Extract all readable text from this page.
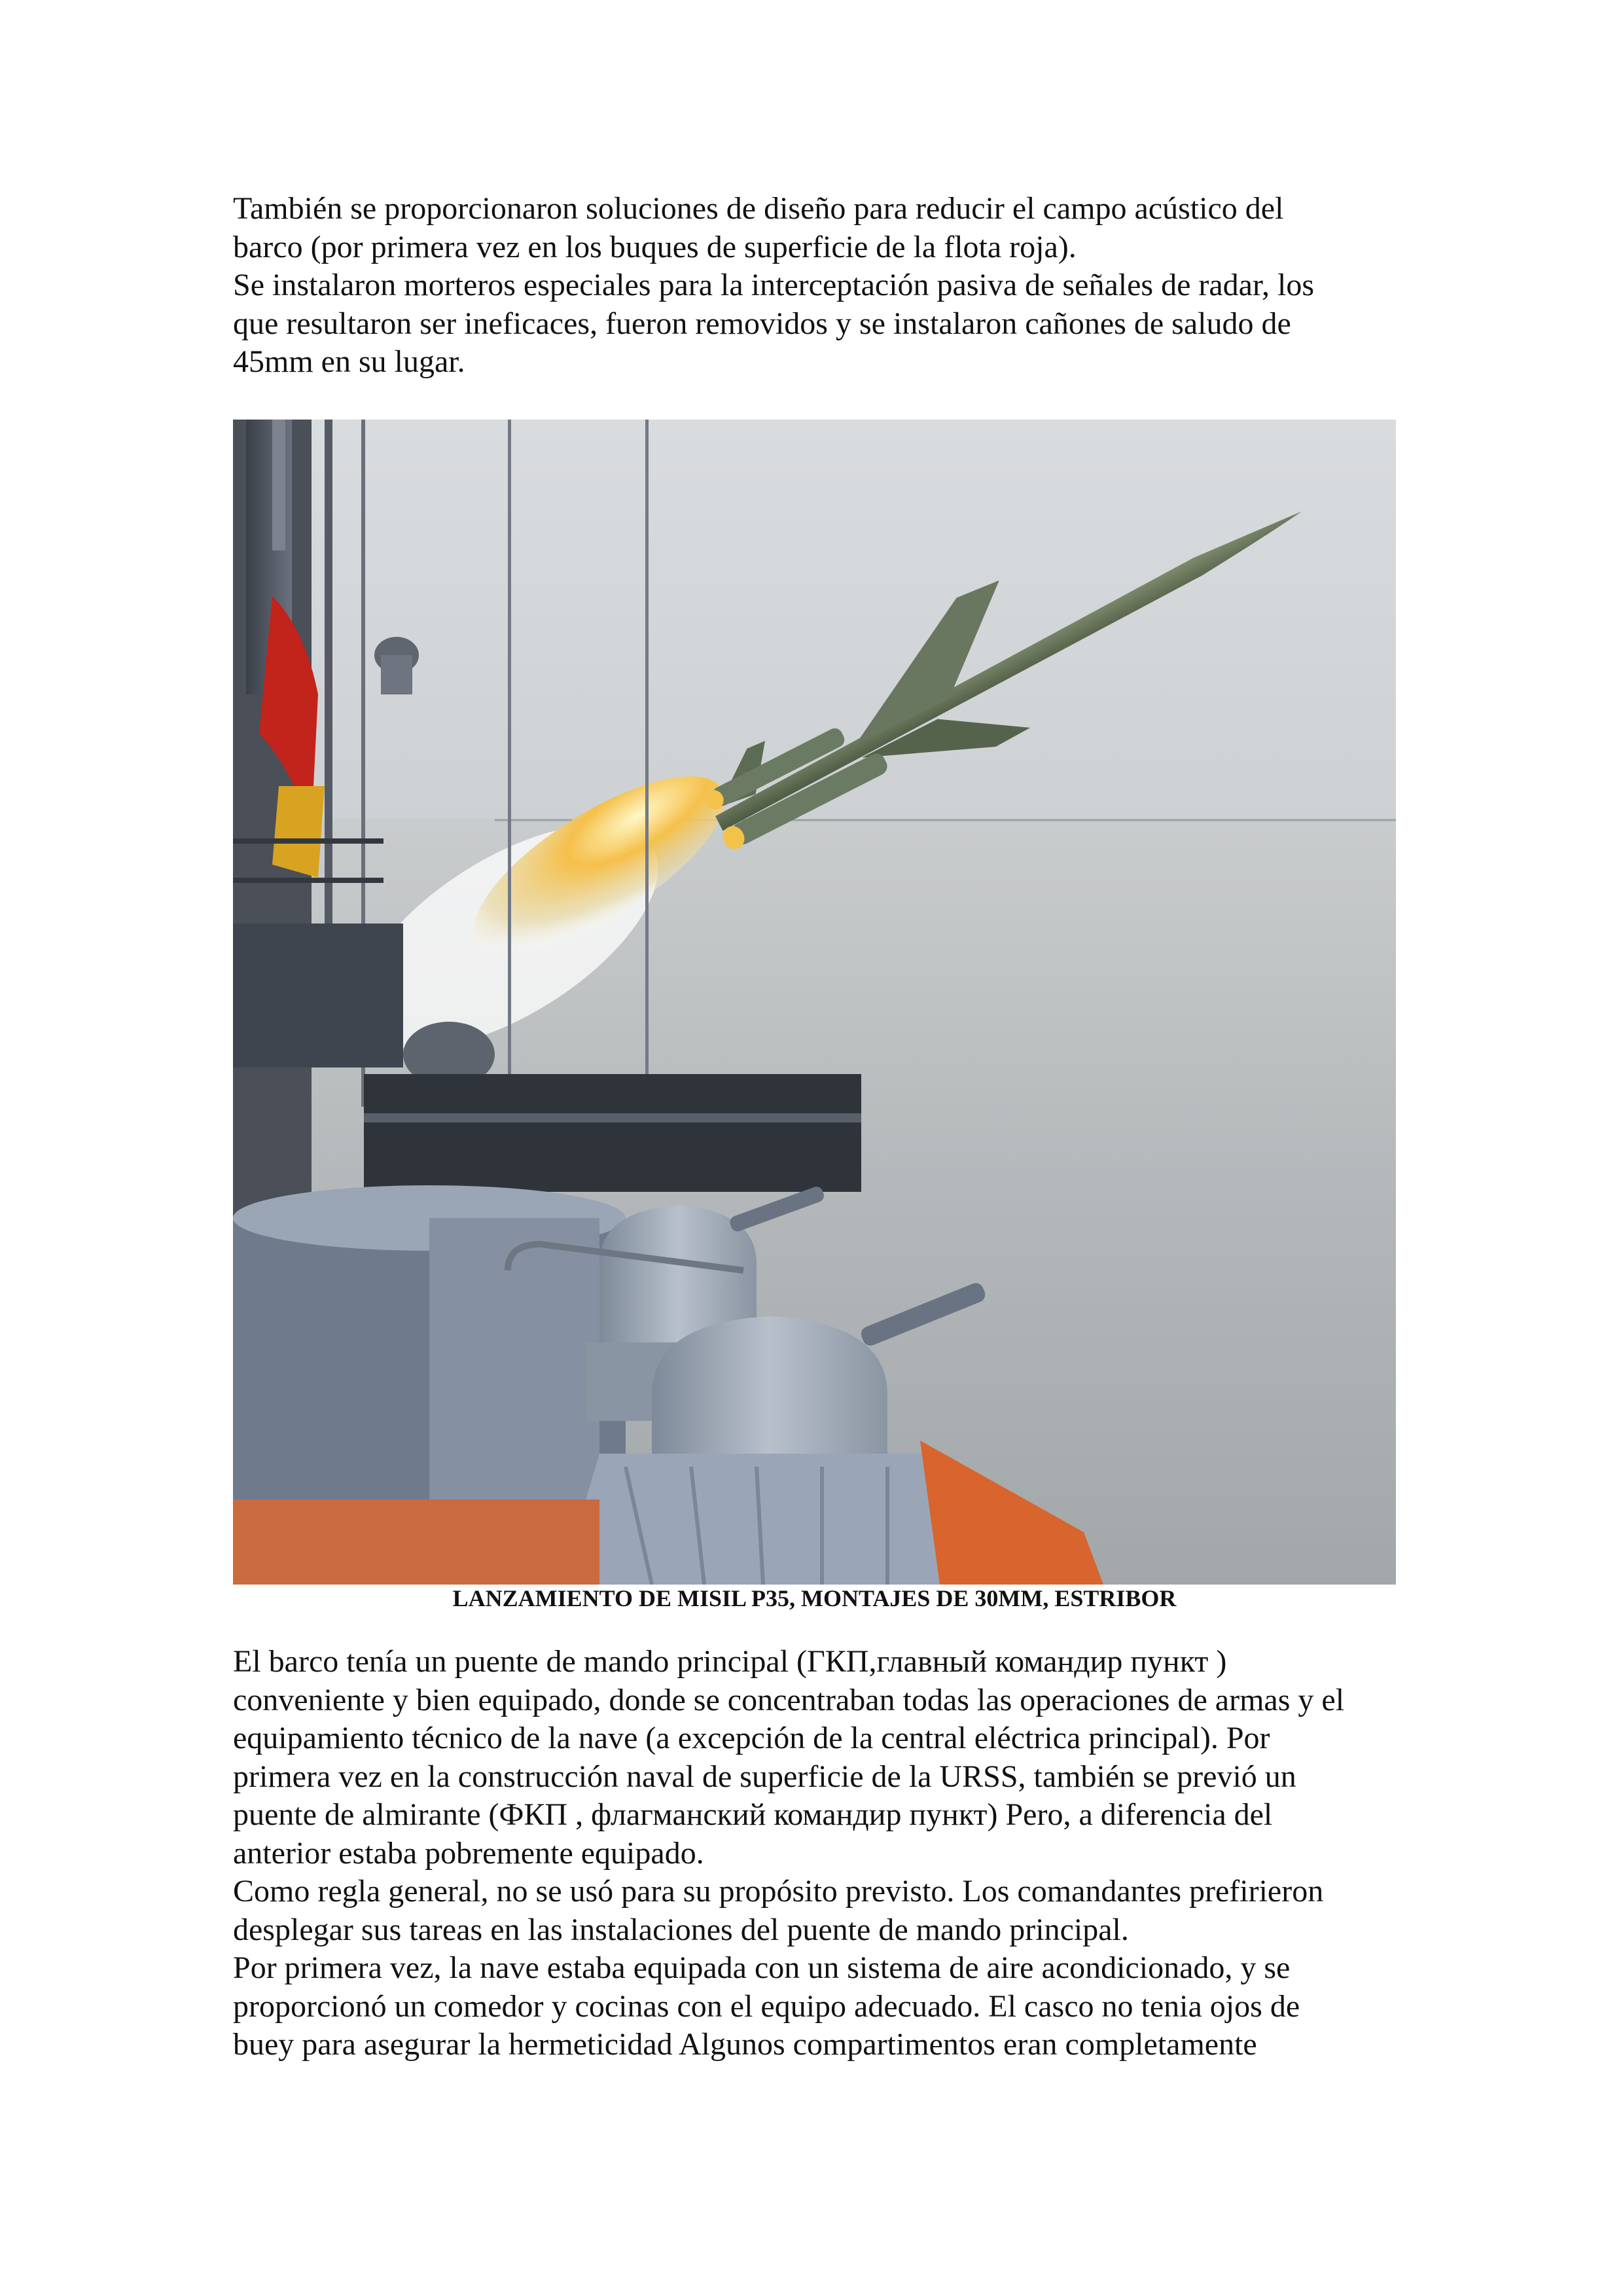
También se proporcionaron soluciones de diseño para reducir el campo acústico del

barco (por primera vez en los buques de superficie de la flota roja).

Se instalaron morteros especiales para la interceptación pasiva de señales de radar, los

que resultaron ser ineficaces, fueron removidos y se instalaron cañones de saludo de

45mm en su lugar.

LANZAMIENTO DE MISIL P35, MONTAJES DE 30MM, ESTRIBOR

El barco tenía un puente de mando principal (ГКП,главный командир пункт )

conveniente y bien equipado, donde se concentraban todas las operaciones de armas y el

equipamiento técnico de la nave (a excepción de la central eléctrica principal). Por

primera vez en la construcción naval de superficie de la URSS, también se previó un

puente de almirante (ФКП , флагманский командир пункт) Pero, a diferencia del

anterior estaba pobremente equipado.

Como regla general, no se usó para su propósito previsto. Los comandantes prefirieron

desplegar sus tareas en las instalaciones del puente de mando principal.

Por primera vez, la nave estaba equipada con un sistema de aire acondicionado, y se

proporcionó un comedor y cocinas con el equipo adecuado. El casco no tenia ojos de

buey para asegurar la hermeticidad Algunos compartimentos eran completamente
